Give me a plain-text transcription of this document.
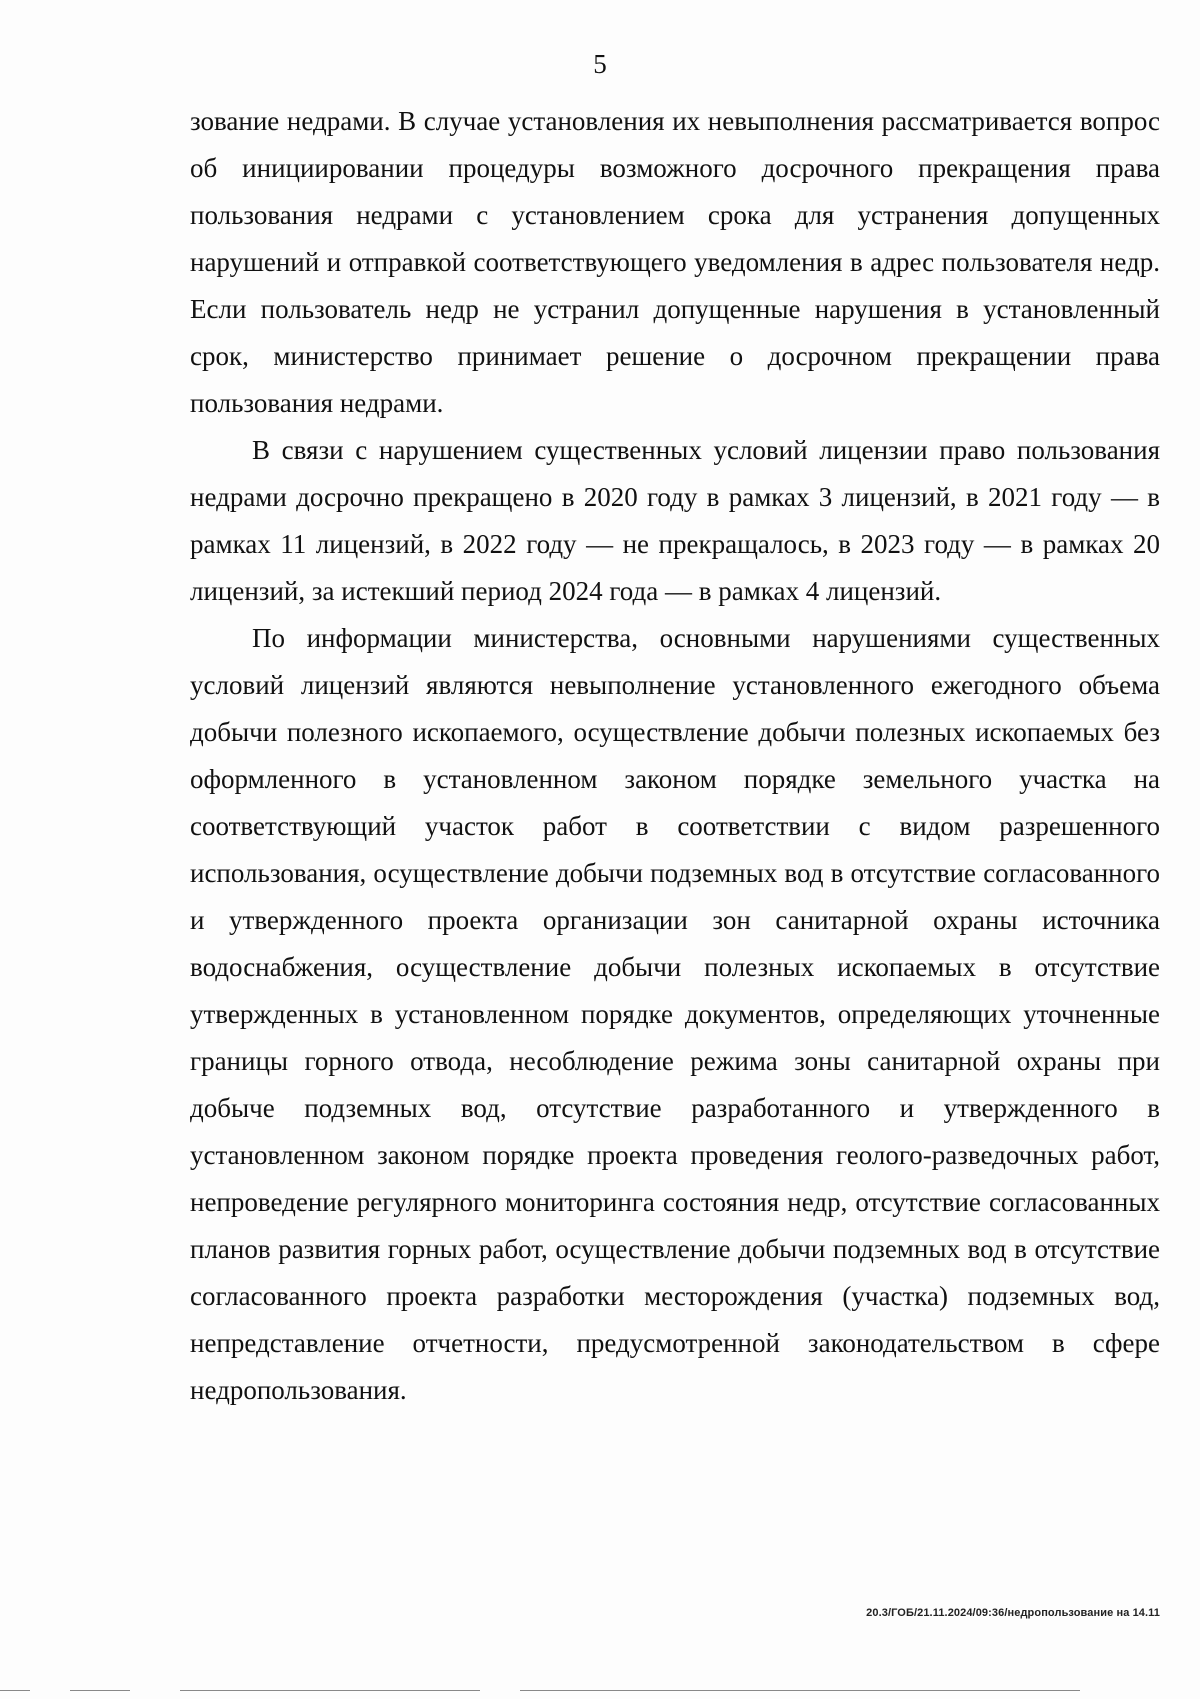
5

зование недрами. В случае установления их невыполнения рассматривается вопрос об инициировании процедуры возможного досрочного прекращения права пользования недрами с установлением срока для устранения допущенных нарушений и отправкой соответствующего уведомления в адрес пользователя недр. Если пользователь недр не устранил допущенные нарушения в установленный срок, министерство принимает решение о досрочном прекращении права пользования недрами.

В связи с нарушением существенных условий лицензии право пользования недрами досрочно прекращено в 2020 году в рамках 3 лицензий, в 2021 году — в рамках 11 лицензий, в 2022 году — не прекращалось, в 2023 году — в рамках 20 лицензий, за истекший период 2024 года — в рамках 4 лицензий.

По информации министерства, основными нарушениями существенных условий лицензий являются невыполнение установленного ежегодного объема добычи полезного ископаемого, осуществление добычи полезных ископаемых без оформленного в установленном законом порядке земельного участка на соответствующий участок работ в соответствии с видом разрешенного использования, осуществление добычи подземных вод в отсутствие согласованного и утвержденного проекта организации зон санитарной охраны источника водоснабжения, осуществление добычи полезных ископаемых в отсутствие утвержденных в установленном порядке документов, определяющих уточненные границы горного отвода, несоблюдение режима зоны санитарной охраны при добыче подземных вод, отсутствие разработанного и утвержденного в установленном законом порядке проекта проведения геолого-разведочных работ, непроведение регулярного мониторинга состояния недр, отсутствие согласованных планов развития горных работ, осуществление добычи подземных вод в отсутствие согласованного проекта разработки месторождения (участка) подземных вод, непредставление отчетности, предусмотренной законодательством в сфере недропользования.

20.3/ГОБ/21.11.2024/09:36/недропользование на 14.11
